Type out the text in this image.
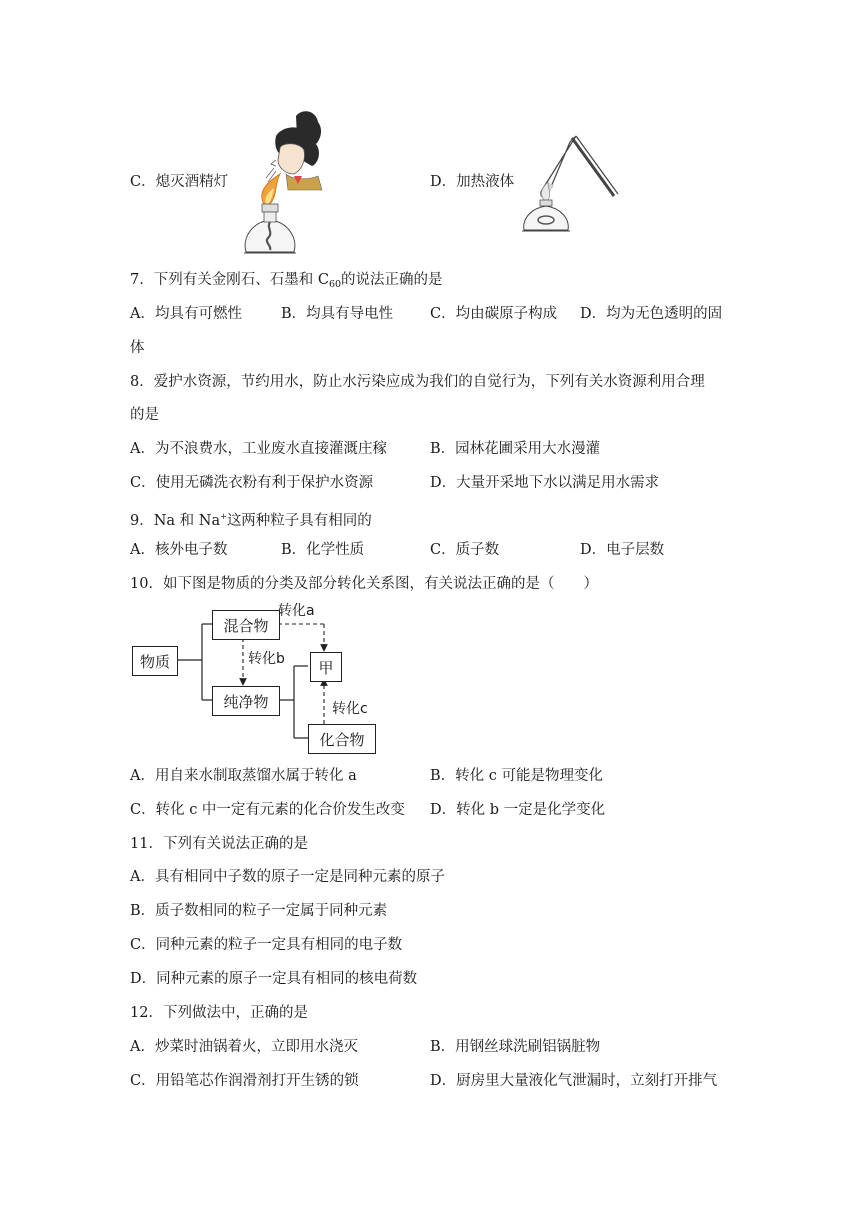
C．熄灭酒精灯	D．加热液体
7．下列有关金刚石、石墨和 $C_{60}$的说法正确的是
A．均具有可燃性	B．均具有导电性	C．均由碳原子构成 D．均为无色透明的固
体
8．爱护水资源，节约用水，防止水污染应成为我们的自觉行为，下列有关水资源利用合理
的是
A．为不浪费水，工业废水直接灌溉庄稼	B．园林花圃采用大水漫灌
C．使用无磷洗衣粉有利于保护水资源	D．大量开采地下水以满足用水需求
9．Na 和 Na+这两种粒子具有相同的
A．核外电子数	B．化学性质	C．质子数	D．电子层数
10．如下图是物质的分类及部分转化关系图，有关说法正确的是（　　）
物质
混合物
纯净物
甲
化合物
转化a
转化b
转化c
A．用自来水制取蒸馏水属于转化 a	B．转化 c 可能是物理变化
C．转化 c 中一定有元素的化合价发生改变 D．转化 b 一定是化学变化
11．下列有关说法正确的是
A．具有相同中子数的原子一定是同种元素的原子
B．质子数相同的粒子一定属于同种元素
C．同种元素的粒子一定具有相同的电子数
D．同种元素的原子一定具有相同的核电荷数
12．下列做法中，正确的是
A．炒菜时油锅着火，立即用水浇灭	B．用钢丝球洗刷铝锅脏物
C．用铅笔芯作润滑剂打开生锈的锁	D．厨房里大量液化气泄漏时，立刻打开排气
